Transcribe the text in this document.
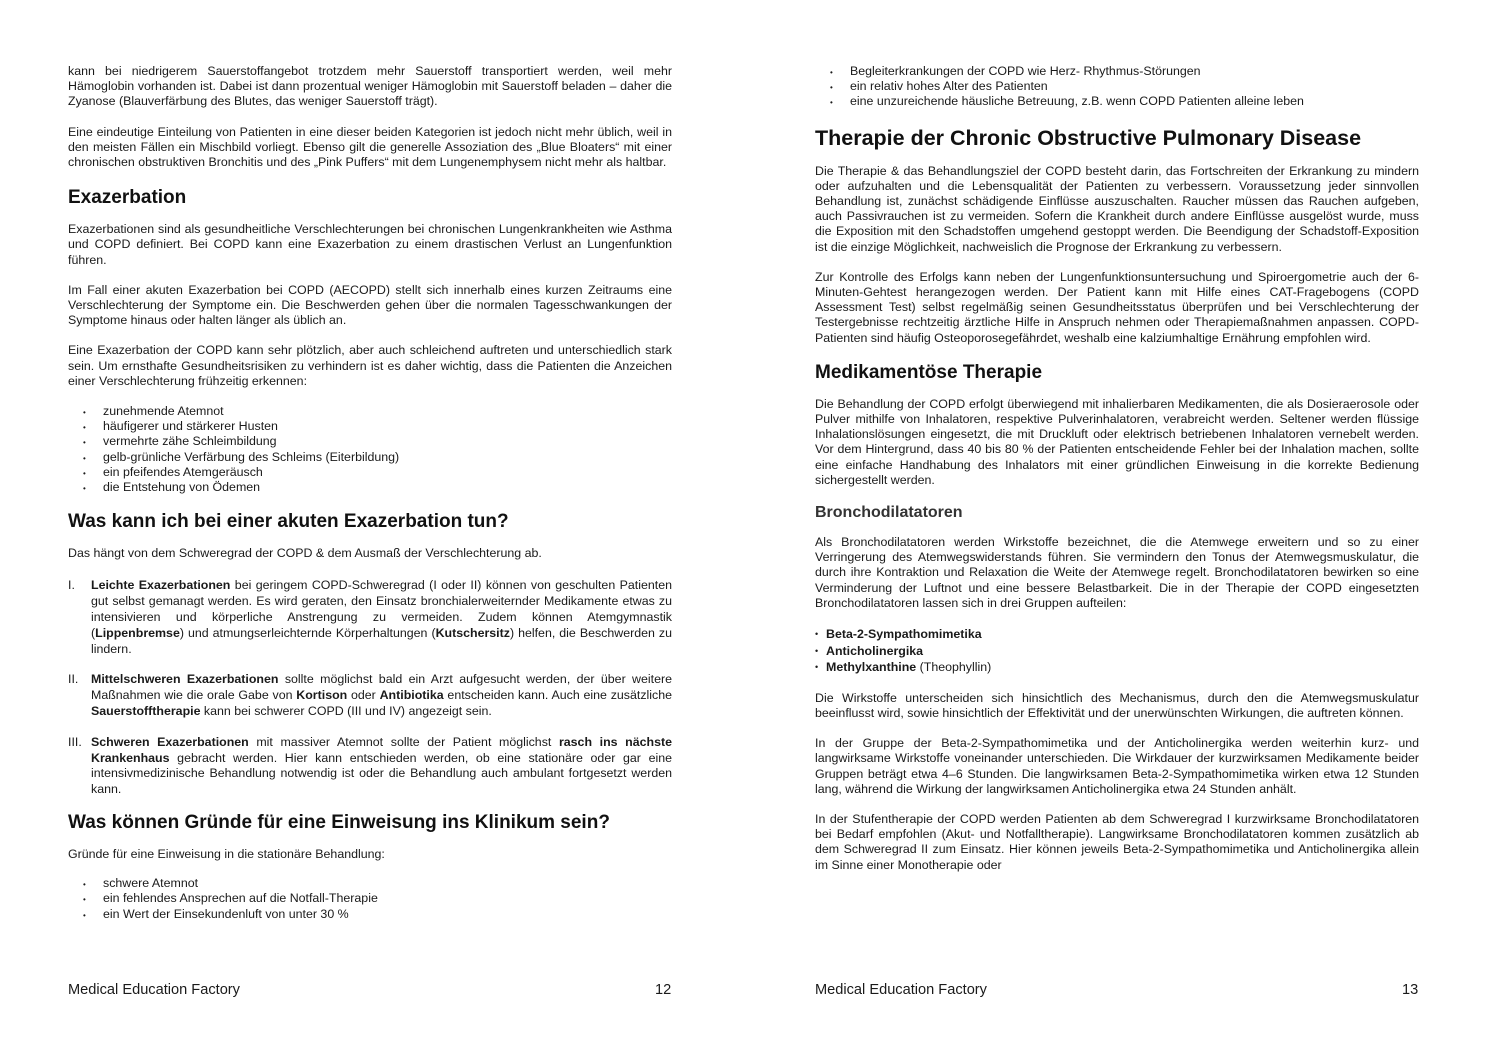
kann bei niedrigerem Sauerstoffangebot trotzdem mehr Sauerstoff transportiert werden, weil mehr Hämoglobin vorhanden ist. Dabei ist dann prozentual weniger Hämoglobin mit Sauerstoff beladen – daher die Zyanose (Blauverfärbung des Blutes, das weniger Sauerstoff trägt).

Eine eindeutige Einteilung von Patienten in eine dieser beiden Kategorien ist jedoch nicht mehr üblich, weil in den meisten Fällen ein Mischbild vorliegt. Ebenso gilt die generelle Assoziation des „Blue Bloaters“ mit einer chronischen obstruktiven Bronchitis und des „Pink Puffers“ mit dem Lungenemphysem nicht mehr als haltbar.

Exazerbation

Exazerbationen sind als gesundheitliche Verschlechterungen bei chronischen Lungenkrankheiten wie Asthma und COPD definiert. Bei COPD kann eine Exazerbation zu einem drastischen Verlust an Lungenfunktion führen.

Im Fall einer akuten Exazerbation bei COPD (AECOPD) stellt sich innerhalb eines kurzen Zeitraums eine Verschlechterung der Symptome ein. Die Beschwerden gehen über die normalen Tagesschwankungen der Symptome hinaus oder halten länger als üblich an.

Eine Exazerbation der COPD kann sehr plötzlich, aber auch schleichend auftreten und unterschiedlich stark sein. Um ernsthafte Gesundheitsrisiken zu verhindern ist es daher wichtig, dass die Patienten die Anzeichen einer Verschlechterung frühzeitig erkennen:

• zunehmende Atemnot
• häufigerer und stärkerer Husten
• vermehrte zähe Schleimbildung
• gelb-grünliche Verfärbung des Schleims (Eiterbildung)
• ein pfeifendes Atemgeräusch
• die Entstehung von Ödemen
Was kann ich bei einer akuten Exazerbation tun?

Das hängt von dem Schweregrad der COPD & dem Ausmaß der Verschlechterung ab.

I. Leichte Exazerbationen bei geringem COPD-Schweregrad (I oder II) können von geschulten Patienten gut selbst gemanagt werden. Es wird geraten, den Einsatz bronchialerweiternder Medikamente etwas zu intensivieren und körperliche Anstrengung zu vermeiden. Zudem können Atemgymnastik (Lippenbremse) und atmungserleichternde Körperhaltungen (Kutschersitz) helfen, die Beschwerden zu lindern.
II. Mittelschweren Exazerbationen sollte möglichst bald ein Arzt aufgesucht werden, der über weitere Maßnahmen wie die orale Gabe von Kortison oder Antibiotika entscheiden kann. Auch eine zusätzliche Sauerstofftherapie kann bei schwerer COPD (III und IV) angezeigt sein.
III. Schweren Exazerbationen mit massiver Atemnot sollte der Patient möglichst rasch ins nächste Krankenhaus gebracht werden. Hier kann entschieden werden, ob eine stationäre oder gar eine intensivmedizinische Behandlung notwendig ist oder die Behandlung auch ambulant fortgesetzt werden kann.
Was können Gründe für eine Einweisung ins Klinikum sein?

Gründe für eine Einweisung in die stationäre Behandlung:

• schwere Atemnot
• ein fehlendes Ansprechen auf die Notfall-Therapie
• ein Wert der Einsekundenluft von unter 30 %
Medical Education Factory	12
• Begleiterkrankungen der COPD wie Herz- Rhythmus-Störungen
• ein relativ hohes Alter des Patienten
• eine unzureichende häusliche Betreuung, z.B. wenn COPD Patienten alleine leben
Therapie der Chronic Obstructive Pulmonary Disease

Die Therapie & das Behandlungsziel der COPD besteht darin, das Fortschreiten der Erkrankung zu mindern oder aufzuhalten und die Lebensqualität der Patienten zu verbessern. Voraussetzung jeder sinnvollen Behandlung ist, zunächst schädigende Einflüsse auszuschalten. Raucher müssen das Rauchen aufgeben, auch Passivrauchen ist zu vermeiden. Sofern die Krankheit durch andere Einflüsse ausgelöst wurde, muss die Exposition mit den Schadstoffen umgehend gestoppt werden. Die Beendigung der Schadstoff-Exposition ist die einzige Möglichkeit, nachweislich die Prognose der Erkrankung zu verbessern.

Zur Kontrolle des Erfolgs kann neben der Lungenfunktionsuntersuchung und Spiroergometrie auch der 6-Minuten-Gehtest herangezogen werden. Der Patient kann mit Hilfe eines CAT-Fragebogens (COPD Assessment Test) selbst regelmäßig seinen Gesundheitsstatus überprüfen und bei Verschlechterung der Testergebnisse rechtzeitig ärztliche Hilfe in Anspruch nehmen oder Therapiemaßnahmen anpassen. COPD-Patienten sind häufig Osteoporosegefährdet, weshalb eine kalziumhaltige Ernährung empfohlen wird.

Medikamentöse Therapie

Die Behandlung der COPD erfolgt überwiegend mit inhalierbaren Medikamenten, die als Dosieraerosole oder Pulver mithilfe von Inhalatoren, respektive Pulverinhalatoren, verabreicht werden. Seltener werden flüssige Inhalationslösungen eingesetzt, die mit Druckluft oder elektrisch betriebenen Inhalatoren vernebelt werden. Vor dem Hintergrund, dass 40 bis 80 % der Patienten entscheidende Fehler bei der Inhalation machen, sollte eine einfache Handhabung des Inhalators mit einer gründlichen Einweisung in die korrekte Bedienung sichergestellt werden.

Bronchodilatatoren

Als Bronchodilatatoren werden Wirkstoffe bezeichnet, die die Atemwege erweitern und so zu einer Verringerung des Atemwegswiderstands führen. Sie vermindern den Tonus der Atemwegsmuskulatur, die durch ihre Kontraktion und Relaxation die Weite der Atemwege regelt. Bronchodilatatoren bewirken so eine Verminderung der Luftnot und eine bessere Belastbarkeit. Die in der Therapie der COPD eingesetzten Bronchodilatatoren lassen sich in drei Gruppen aufteilen:

• Beta-2-Sympathomimetika
• Anticholinergika
• Methylxanthine (Theophyllin)

Die Wirkstoffe unterscheiden sich hinsichtlich des Mechanismus, durch den die Atemwegsmuskulatur beeinflusst wird, sowie hinsichtlich der Effektivität und der unerwünschten Wirkungen, die auftreten können.

In der Gruppe der Beta-2-Sympathomimetika und der Anticholinergika werden weiterhin kurz- und langwirksame Wirkstoffe voneinander unterschieden. Die Wirkdauer der kurzwirksamen Medikamente beider Gruppen beträgt etwa 4–6 Stunden. Die langwirksamen Beta-2-Sympathomimetika wirken etwa 12 Stunden lang, während die Wirkung der langwirksamen Anticholinergika etwa 24 Stunden anhält.

In der Stufentherapie der COPD werden Patienten ab dem Schweregrad I kurzwirksame Bronchodilatatoren bei Bedarf empfohlen (Akut- und Notfalltherapie). Langwirksame Bronchodilatatoren kommen zusätzlich ab dem Schweregrad II zum Einsatz. Hier können jeweils Beta-2-Sympathomimetika und Anticholinergika allein im Sinne einer Monotherapie oder

Medical Education Factory	13
